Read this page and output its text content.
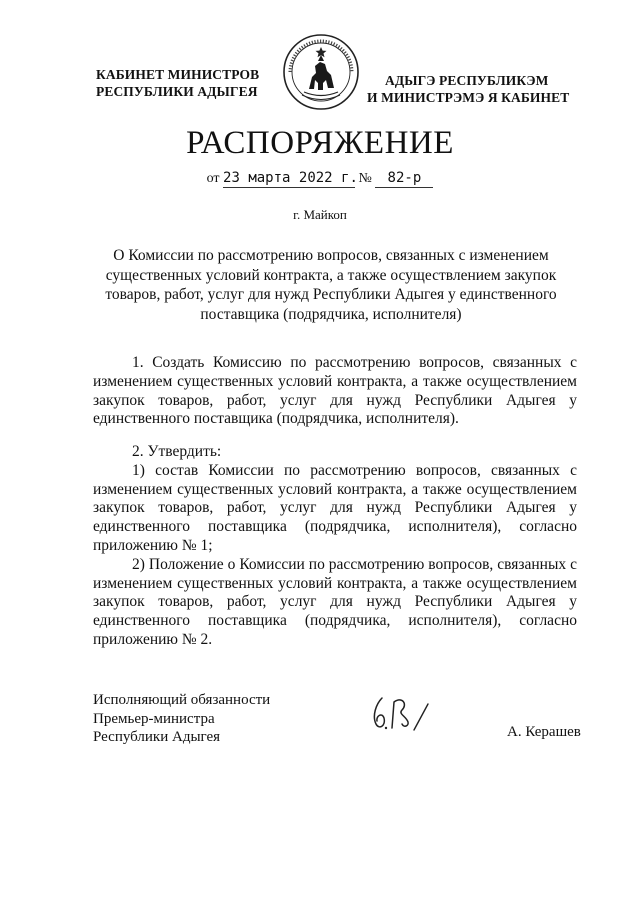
КАБИНЕТ МИНИСТРОВ
РЕСПУБЛИКИ АДЫГЕЯ
АДЫГЭ РЕСПУБЛИКЭМ
И МИНИСТРЭМЭ Я КАБИНЕТ
РАСПОРЯЖЕНИЕ
от 23 марта 2022 г. № 82-р
г. Майкоп
О Комиссии по рассмотрению вопросов, связанных с изменением существенных условий контракта, а также осуществлением закупок товаров, работ, услуг для нужд Республики Адыгея у единственного поставщика (подрядчика, исполнителя)

1. Создать Комиссию по рассмотрению вопросов, связанных с изменением существенных условий контракта, а также осуществлением закупок товаров, работ, услуг для нужд Республики Адыгея у единственного поставщика (подрядчика, исполнителя).

2. Утвердить:

1) состав Комиссии по рассмотрению вопросов, связанных с изменением существенных условий контракта, а также осуществлением закупок товаров, работ, услуг для нужд Республики Адыгея у единственного поставщика (подрядчика, исполнителя), согласно приложению № 1;

2) Положение о Комиссии по рассмотрению вопросов, связанных с изменением существенных условий контракта, а также осуществлением закупок товаров, работ, услуг для нужд Республики Адыгея у единственного поставщика (подрядчика, исполнителя), согласно приложению № 2.

Исполняющий обязанности
Премьер-министра
Республики Адыгея	А. Керашев
